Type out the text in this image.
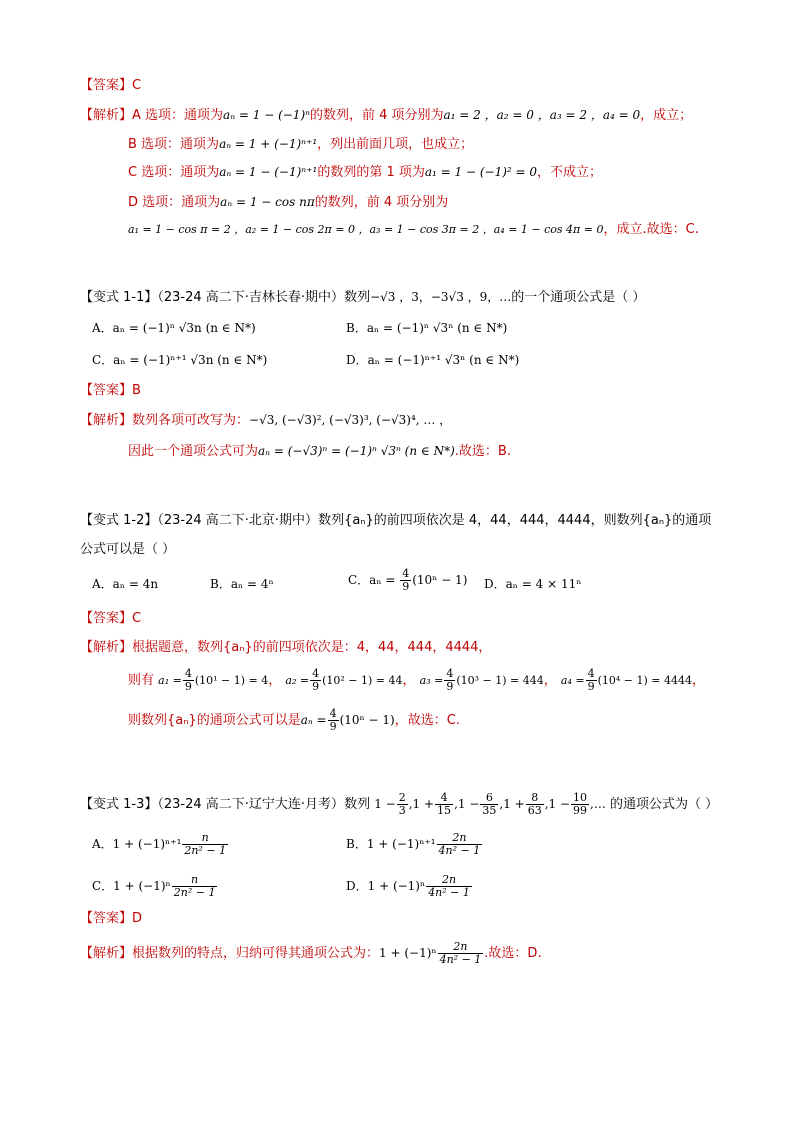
【答案】C
【解析】A 选项：通项为aₙ = 1 − (−1)ⁿ的数列，前 4 项分别为a₁ = 2 ，a₂ = 0 ，a₃ = 2 ，a₄ = 0，成立；
B 选项：通项为aₙ = 1 + (−1)ⁿ⁺¹，列出前面几项，也成立；
C 选项：通项为aₙ = 1 − (−1)ⁿ⁺¹的数列的第 1 项为a₁ = 1 − (−1)² = 0，不成立；
D 选项：通项为aₙ = 1 − cos nπ的数列，前 4 项分别为
a₁ = 1 − cos π = 2 ，a₂ = 1 − cos 2π = 0 ，a₃ = 1 − cos 3π = 2 ，a₄ = 1 − cos 4π = 0，成立.故选：C.
【变式 1-1】（23-24 高二下·吉林长春·期中）数列−√3 ，3，−3√3 ，9，…的一个通项公式是（ ）
A．aₙ = (−1)ⁿ √3n (n ∈ N*)	B．aₙ = (−1)ⁿ √3ⁿ (n ∈ N*)
C．aₙ = (−1)ⁿ⁺¹ √3n (n ∈ N*)	D．aₙ = (−1)ⁿ⁺¹ √3ⁿ (n ∈ N*)
【答案】B
【解析】数列各项可改写为：−√3, (−√3)², (−√3)³, (−√3)⁴, … ，
因此一个通项公式可为aₙ = (−√3)ⁿ = (−1)ⁿ √3ⁿ (n ∈ N*).故选：B.
【变式 1-2】（23-24 高二下·北京·期中）数列{aₙ}的前四项依次是 4，44，444，4444，则数列{aₙ}的通项
公式可以是（ ）
A．aₙ = 4n	B．aₙ = 4ⁿ	C．$a_n = \frac{4}{9} (10^n - 1)$ D．aₙ = 4 × 11ⁿ
【答案】C
【解析】根据题意，数列{aₙ}的前四项依次是：4，44，444，4444，
则有 $a_1 = \frac{4}{9} (10^1 - 1) = 4$， $a_2 = \frac{4}{9} (10^2 - 1) = 44$， $a_3 = \frac{4}{9} (10^3 - 1) = 444$， $a_4 = \frac{4}{9} (10^4 - 1) = 4444$，
则数列{aₙ}的通项公式可以是$a_n = \frac{4}{9} (10^n - 1)$，故选：C.
【变式 1-3】（23-24 高二下·辽宁大连·月考）数列 $1 - \frac{2}{3} ,1 + \frac{4}{15} ,1 - \frac{6}{35} ,1 + \frac{8}{63} ,1 - \frac{10}{99}$ ,… 的通项公式为（ ）
A．$1 + (-1)^{n+1} \frac{n}{\text{2n² − 1}}$	B．$1 + (-1)^{n+1} \frac{2n}{\text{4n² − 1}}$
C．$1 + (-1)^n \frac{n}{\text{2n² − 1}}$	D．$1 + (-1)^n \frac{2n}{\text{4n² − 1}}$
【答案】D
【解析】根据数列的特点，归纳可得其通项公式为：$1 + (-1)^n \frac{2n}{\text{4n² − 1}}$ .故选：D.
